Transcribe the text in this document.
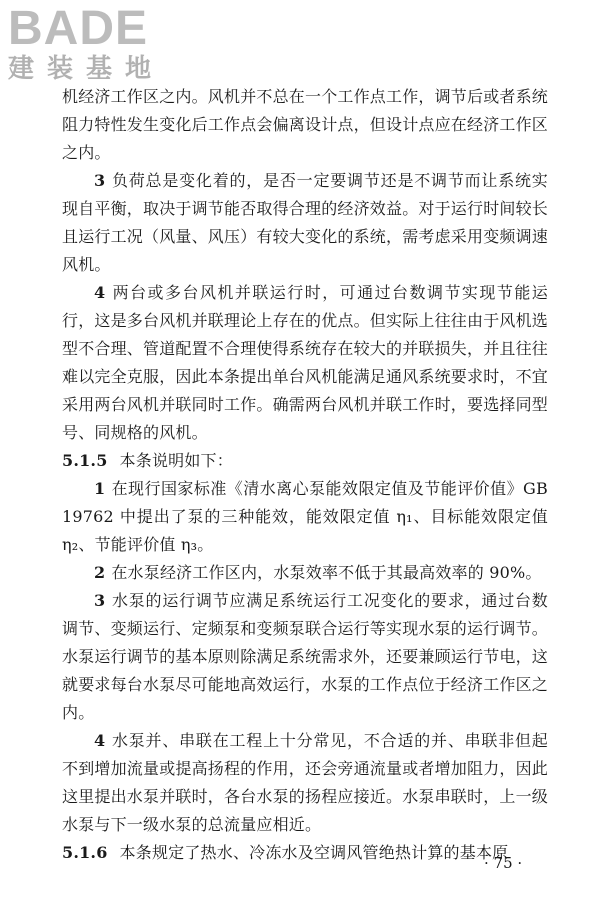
BADE
建装基地

机经济工作区之内。风机并不总在一个工作点工作，调节后或者系统阻力特性发生变化后工作点会偏离设计点，但设计点应在经济工作区之内。

3 负荷总是变化着的，是否一定要调节还是不调节而让系统实现自平衡，取决于调节能否取得合理的经济效益。对于运行时间较长且运行工况（风量、风压）有较大变化的系统，需考虑采用变频调速风机。

4 两台或多台风机并联运行时，可通过台数调节实现节能运行，这是多台风机并联理论上存在的优点。但实际上往往由于风机选型不合理、管道配置不合理使得系统存在较大的并联损失，并且往往难以完全克服，因此本条提出单台风机能满足通风系统要求时，不宜采用两台风机并联同时工作。确需两台风机并联工作时，要选择同型号、同规格的风机。

5.1.5 本条说明如下：

1 在现行国家标准《清水离心泵能效限定值及节能评价值》GB 19762 中提出了泵的三种能效，能效限定值 η₁、目标能效限定值 η₂、节能评价值 η₃。

2 在水泵经济工作区内，水泵效率不低于其最高效率的 90%。

3 水泵的运行调节应满足系统运行工况变化的要求，通过台数调节、变频运行、定频泵和变频泵联合运行等实现水泵的运行调节。水泵运行调节的基本原则除满足系统需求外，还要兼顾运行节电，这就要求每台水泵尽可能地高效运行，水泵的工作点位于经济工作区之内。

4 水泵并、串联在工程上十分常见，不合适的并、串联非但起不到增加流量或提高扬程的作用，还会旁通流量或者增加阻力，因此这里提出水泵并联时，各台水泵的扬程应接近。水泵串联时，上一级水泵与下一级水泵的总流量应相近。

5.1.6 本条规定了热水、冷冻水及空调风管绝热计算的基本原

· 75 ·
